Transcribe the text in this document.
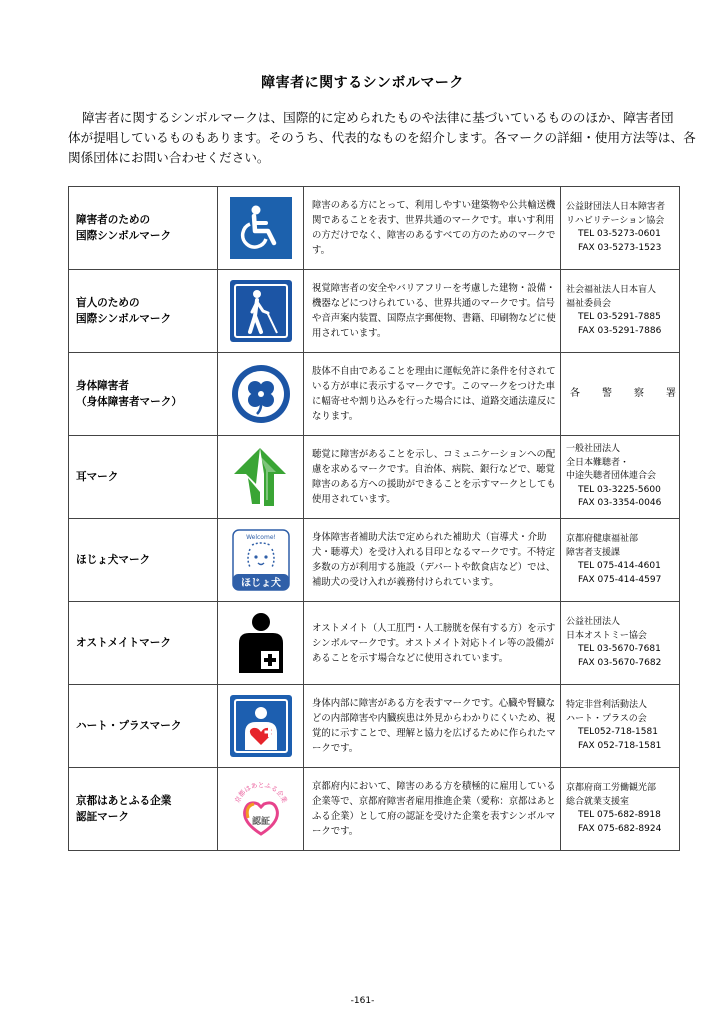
障害者に関するシンボルマーク
障害者に関するシンボルマークは、国際的に定められたものや法律に基づいているもののほか、障害者団
体が提唱しているものもあります。そのうち、代表的なものを紹介します。各マークの詳細・使用方法等は、各
関係団体にお問い合わせください。
障害者のための
国際シンボルマーク		障害のある方にとって、利用しやすい建築物や公共輸送機関であることを表す、世界共通のマークです。車いす利用の方だけでなく、障害のあるすべての方のためのマークです。	公益財団法人日本障害者
リハビリテーション協会
TEL 03-5273-0601
FAX 03-5273-1523

盲人のための
国際シンボルマーク		視覚障害者の安全やバリアフリーを考慮した建物・設備・機器などにつけられている、世界共通のマークです。信号や音声案内装置、国際点字郵便物、書籍、印刷物などに使用されています。	社会福祉法人日本盲人
福祉委員会
TEL 03-5291-7885
FAX 03-5291-7886

身体障害者
（身体障害者マーク）		肢体不自由であることを理由に運転免許に条件を付されている方が車に表示するマークです。このマークをつけた車に幅寄せや割り込みを行った場合には、道路交通法違反になります。	各警察署

耳マーク		聴覚に障害があることを示し、コミュニケーションへの配慮を求めるマークです。自治体、病院、銀行などで、聴覚障害のある方への援助ができることを示すマークとしても使用されています。	一般社団法人
全日本難聴者・
中途失聴者団体連合会
TEL 03-3225-5600
FAX 03-3354-0046

ほじょ犬マーク	Welcome!
ほじょ犬	身体障害者補助犬法で定められた補助犬（盲導犬・介助犬・聴導犬）を受け入れる目印となるマークです。不特定多数の方が利用する施設（デパートや飲食店など）では、補助犬の受け入れが義務付けられています。	京都府健康福祉部
障害者支援課
TEL 075-414-4601
FAX 075-414-4597

オストメイトマーク		オストメイト（人工肛門・人工膀胱を保有する方）を示すシンボルマークです。オストメイト対応トイレ等の設備があることを示す場合などに使用されています。	公益社団法人
日本オストミー協会
TEL 03-5670-7681
FAX 03-5670-7682

ハート・プラスマーク		身体内部に障害がある方を表すマークです。心臓や腎臓などの内部障害や内臓疾患は外見からわかりにくいため、視覚的に示すことで、理解と協力を広げるために作られたマークです。	特定非営利活動法人
ハート・プラスの会
TEL052-718-1581
FAX 052-718-1581

京都はあとふる企業
認証マーク	京都はあとふる企業
認証	京都府内において、障害のある方を積極的に雇用している企業等で、京都府障害者雇用推進企業（愛称：京都はあとふる企業）として府の認証を受けた企業を表すシンボルマークです。	京都府商工労働観光部
総合就業支援室
TEL 075-682-8918
FAX 075-682-8924
-161-
